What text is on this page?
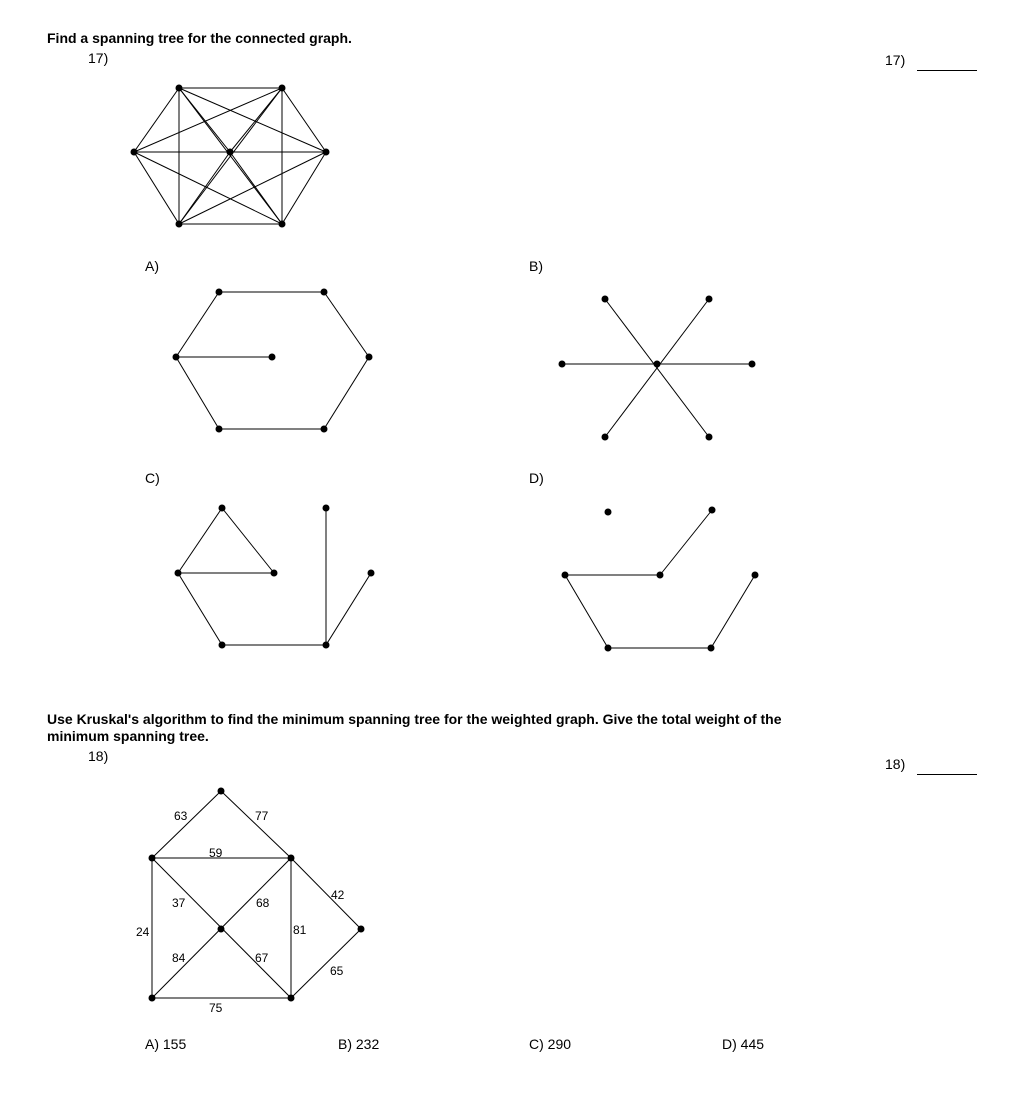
Find a spanning tree for the connected graph.
17)	17)
63	77
59
37	68
42
24	81
84	67
65
75
A)	B)
C)	D)
Use Kruskal's algorithm to find the minimum spanning tree for the weighted graph. Give the total weight of the
minimum spanning tree.
18)	18)
A) 155	B) 232	C) 290	D) 445
